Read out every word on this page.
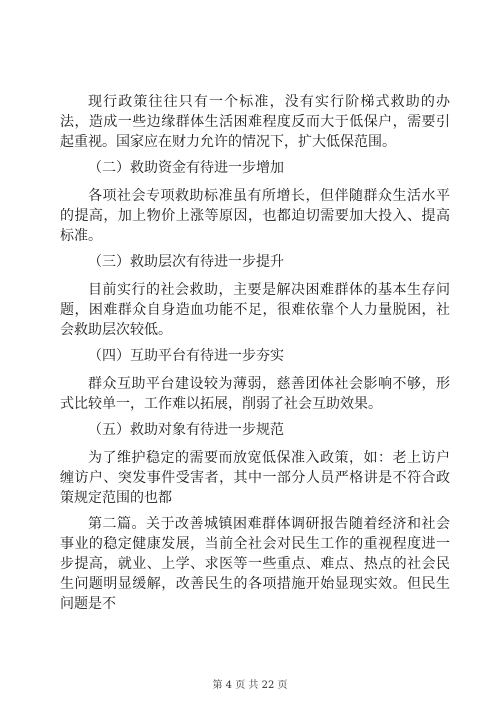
现行政策往往只有一个标准，没有实行阶梯式救助的办法，造成一些边缘群体生活困难程度反而大于低保户，需要引起重视。国家应在财力允许的情况下，扩大低保范围。

（二）救助资金有待进一步增加

各项社会专项救助标准虽有所增长，但伴随群众生活水平的提高，加上物价上涨等原因，也都迫切需要加大投入、提高标准。

（三）救助层次有待进一步提升

目前实行的社会救助，主要是解决困难群体的基本生存问题，困难群众自身造血功能不足，很难依靠个人力量脱困，社会救助层次较低。

（四）互助平台有待进一步夯实

群众互助平台建设较为薄弱，慈善团体社会影响不够，形式比较单一，工作难以拓展，削弱了社会互助效果。

（五）救助对象有待进一步规范

为了维护稳定的需要而放宽低保准入政策，如：老上访户缠访户、突发事件受害者，其中一部分人员严格讲是不符合政策规定范围的也都

第二篇。关于改善城镇困难群体调研报告随着经济和社会事业的稳定健康发展，当前全社会对民生工作的重视程度进一步提高，就业、上学、求医等一些重点、难点、热点的社会民生问题明显缓解，改善民生的各项措施开始显现实效。但民生问题是不

第 4 页 共 22 页
